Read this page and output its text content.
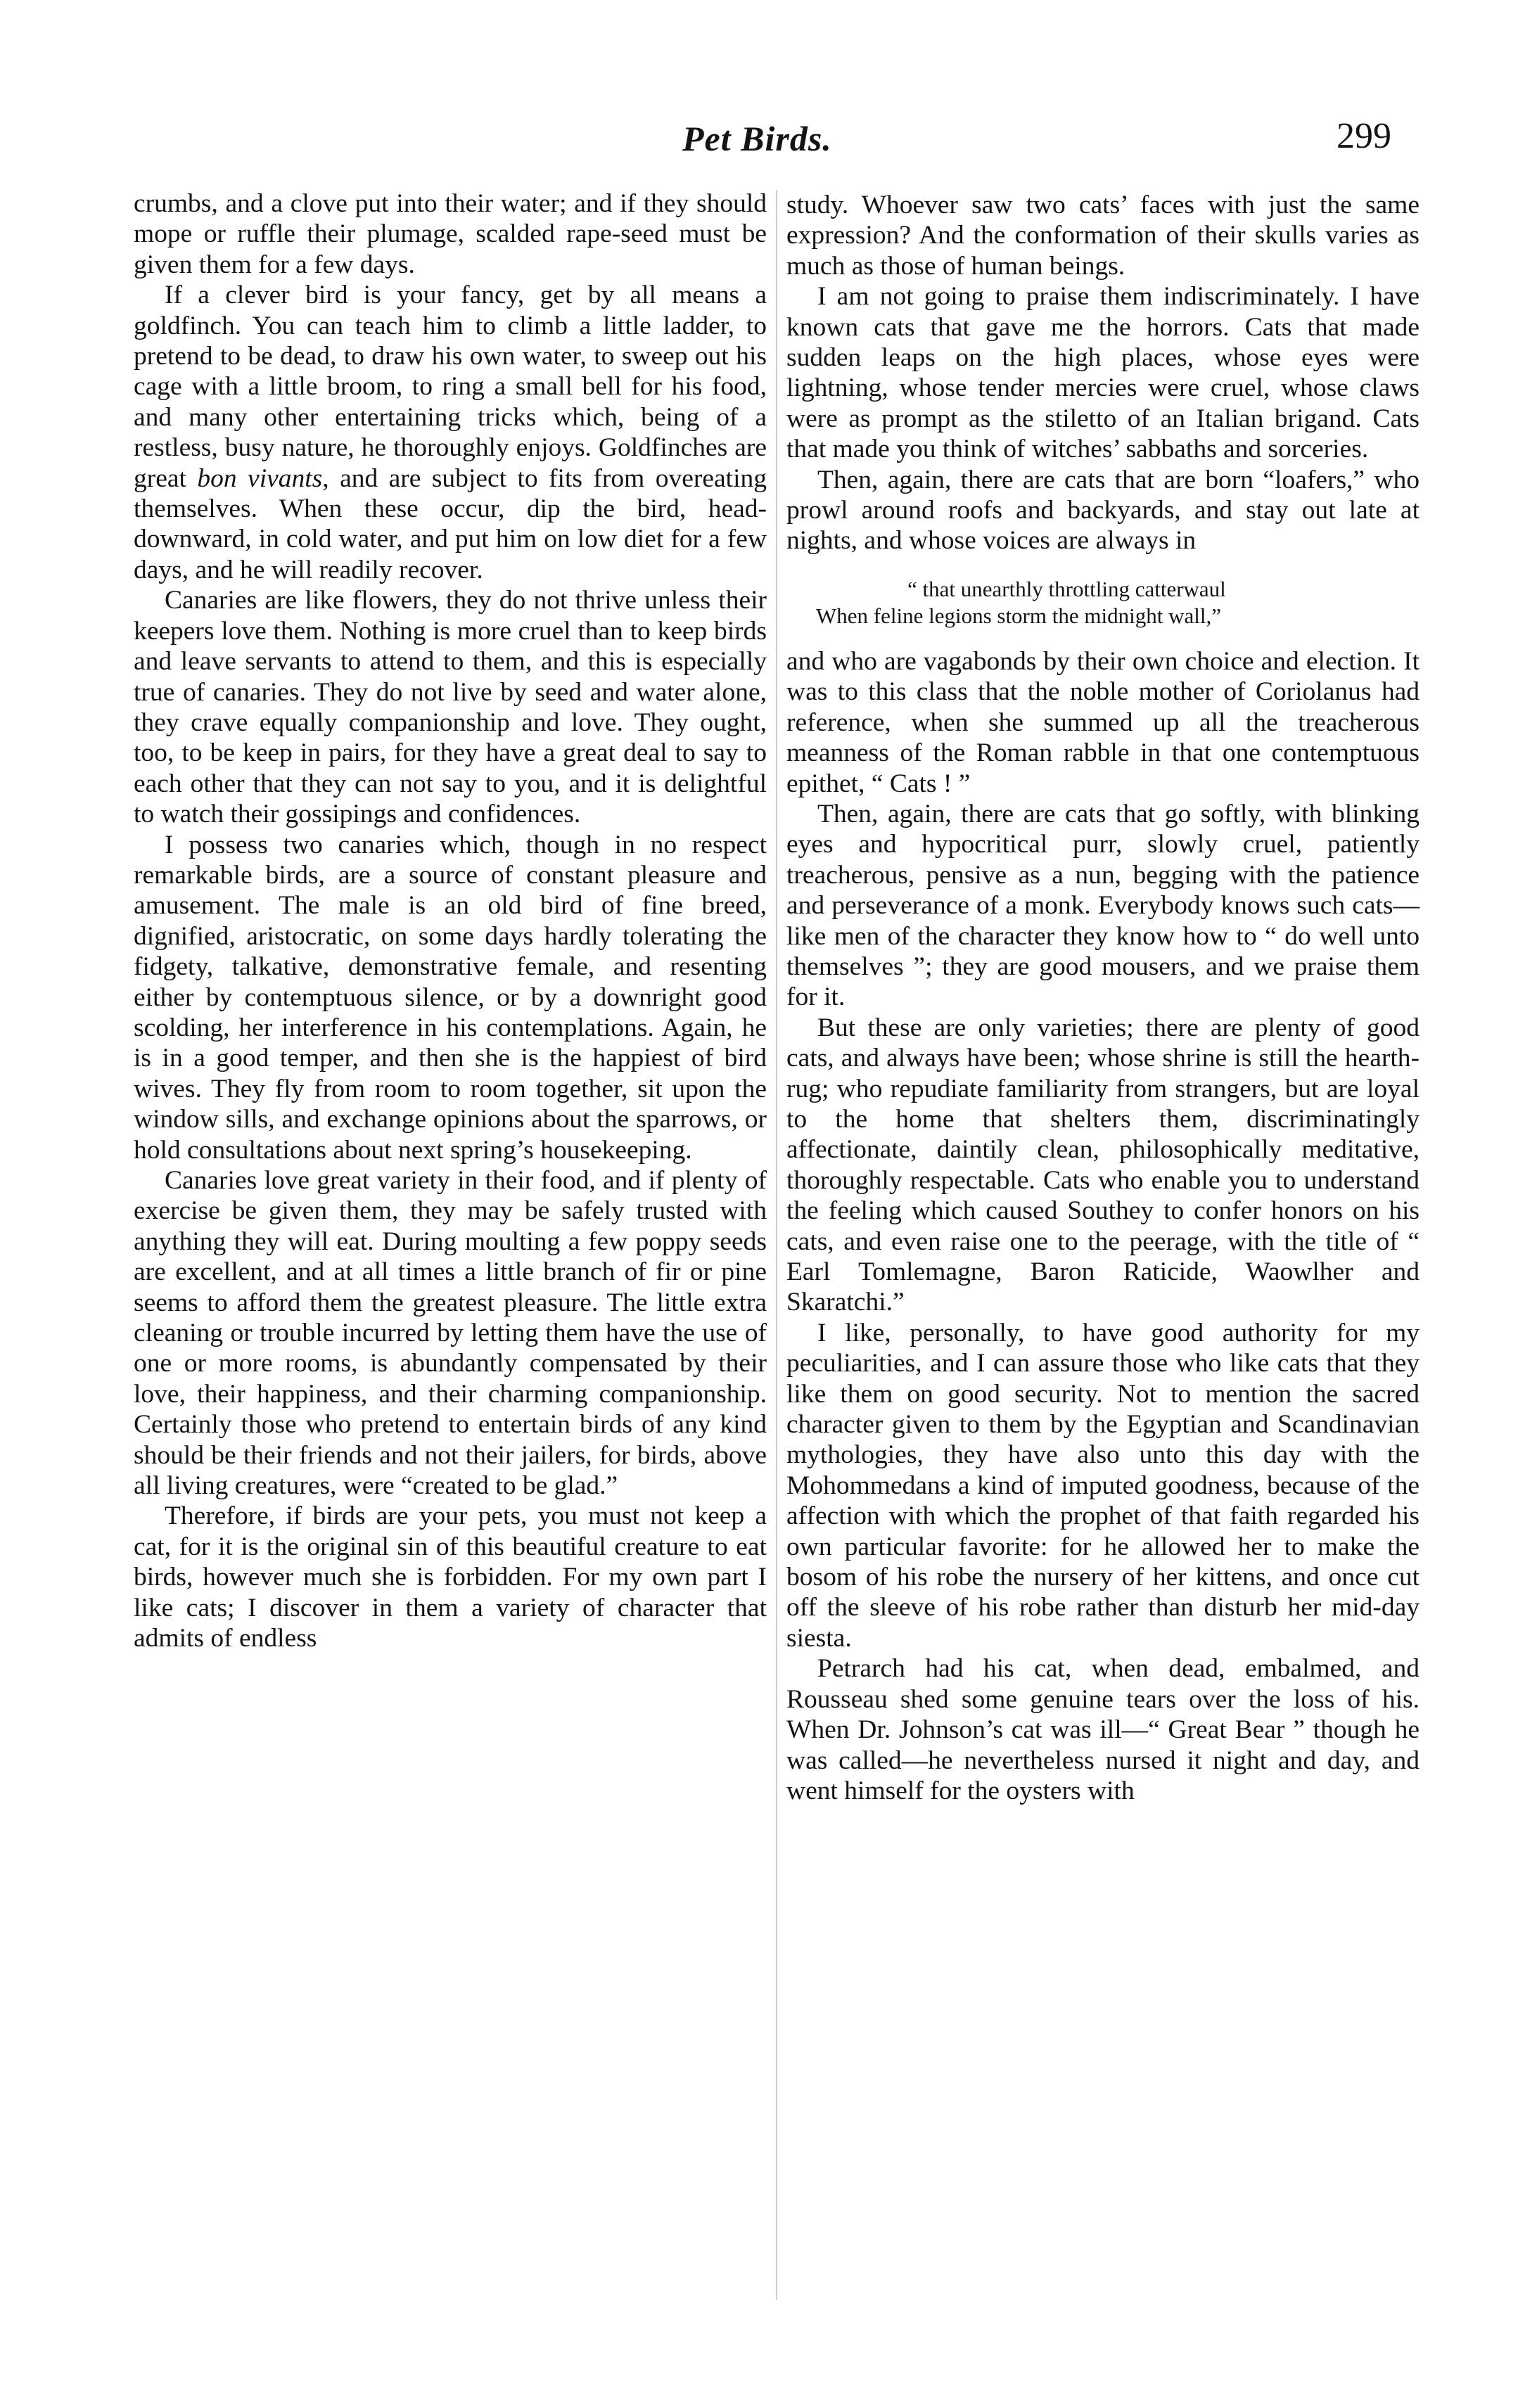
Pet Birds.	299

crumbs, and a clove put into their water; and if they should mope or ruffle their plumage, scalded rape-seed must be given them for a few days.

If a clever bird is your fancy, get by all means a goldfinch. You can teach him to climb a little ladder, to pretend to be dead, to draw his own water, to sweep out his cage with a little broom, to ring a small bell for his food, and many other entertaining tricks which, being of a restless, busy nature, he thoroughly enjoys. Goldfinches are great bon vivants, and are subject to fits from overeating themselves. When these occur, dip the bird, head-downward, in cold water, and put him on low diet for a few days, and he will readily recover.

Canaries are like flowers, they do not thrive unless their keepers love them. Nothing is more cruel than to keep birds and leave servants to attend to them, and this is especially true of canaries. They do not live by seed and water alone, they crave equally companionship and love. They ought, too, to be keep in pairs, for they have a great deal to say to each other that they can not say to you, and it is delightful to watch their gossipings and confidences.

I possess two canaries which, though in no respect remarkable birds, are a source of constant pleasure and amusement. The male is an old bird of fine breed, dignified, aristocratic, on some days hardly tolerating the fidgety, talkative, demonstrative female, and resenting either by contemptuous silence, or by a downright good scolding, her interference in his contemplations. Again, he is in a good temper, and then she is the happiest of bird wives. They fly from room to room together, sit upon the window sills, and exchange opinions about the sparrows, or hold consultations about next spring’s housekeeping.

Canaries love great variety in their food, and if plenty of exercise be given them, they may be safely trusted with anything they will eat. During moulting a few poppy seeds are excellent, and at all times a little branch of fir or pine seems to afford them the greatest pleasure. The little extra cleaning or trouble incurred by letting them have the use of one or more rooms, is abundantly compensated by their love, their happiness, and their charming companionship. Certainly those who pretend to entertain birds of any kind should be their friends and not their jailers, for birds, above all living creatures, were “created to be glad.”

Therefore, if birds are your pets, you must not keep a cat, for it is the original sin of this beautiful creature to eat birds, however much she is forbidden. For my own part I like cats; I discover in them a variety of character that admits of endless

study. Whoever saw two cats’ faces with just the same expression? And the conformation of their skulls varies as much as those of human beings.

I am not going to praise them indiscriminately. I have known cats that gave me the horrors. Cats that made sudden leaps on the high places, whose eyes were lightning, whose tender mercies were cruel, whose claws were as prompt as the stiletto of an Italian brigand. Cats that made you think of witches’ sabbaths and sorceries.

Then, again, there are cats that are born “loafers,” who prowl around roofs and backyards, and stay out late at nights, and whose voices are always in

“ that unearthly throttling catterwaul
When feline legions storm the midnight wall,”

and who are vagabonds by their own choice and election. It was to this class that the noble mother of Coriolanus had reference, when she summed up all the treacherous meanness of the Roman rabble in that one contemptuous epithet, “ Cats ! ”

Then, again, there are cats that go softly, with blinking eyes and hypocritical purr, slowly cruel, patiently treacherous, pensive as a nun, begging with the patience and perseverance of a monk. Everybody knows such cats—like men of the character they know how to “ do well unto themselves ”; they are good mousers, and we praise them for it.

But these are only varieties; there are plenty of good cats, and always have been; whose shrine is still the hearth-rug; who repudiate familiarity from strangers, but are loyal to the home that shelters them, discriminatingly affectionate, daintily clean, philosophically meditative, thoroughly respectable. Cats who enable you to understand the feeling which caused Southey to confer honors on his cats, and even raise one to the peerage, with the title of “ Earl Tomlemagne, Baron Raticide, Waowlher and Skaratchi.”

I like, personally, to have good authority for my peculiarities, and I can assure those who like cats that they like them on good security. Not to mention the sacred character given to them by the Egyptian and Scandinavian mythologies, they have also unto this day with the Mohommedans a kind of imputed goodness, because of the affection with which the prophet of that faith regarded his own particular favorite: for he allowed her to make the bosom of his robe the nursery of her kittens, and once cut off the sleeve of his robe rather than disturb her mid-day siesta.

Petrarch had his cat, when dead, embalmed, and Rousseau shed some genuine tears over the loss of his. When Dr. Johnson’s cat was ill—“ Great Bear ” though he was called—he nevertheless nursed it night and day, and went himself for the oysters with
